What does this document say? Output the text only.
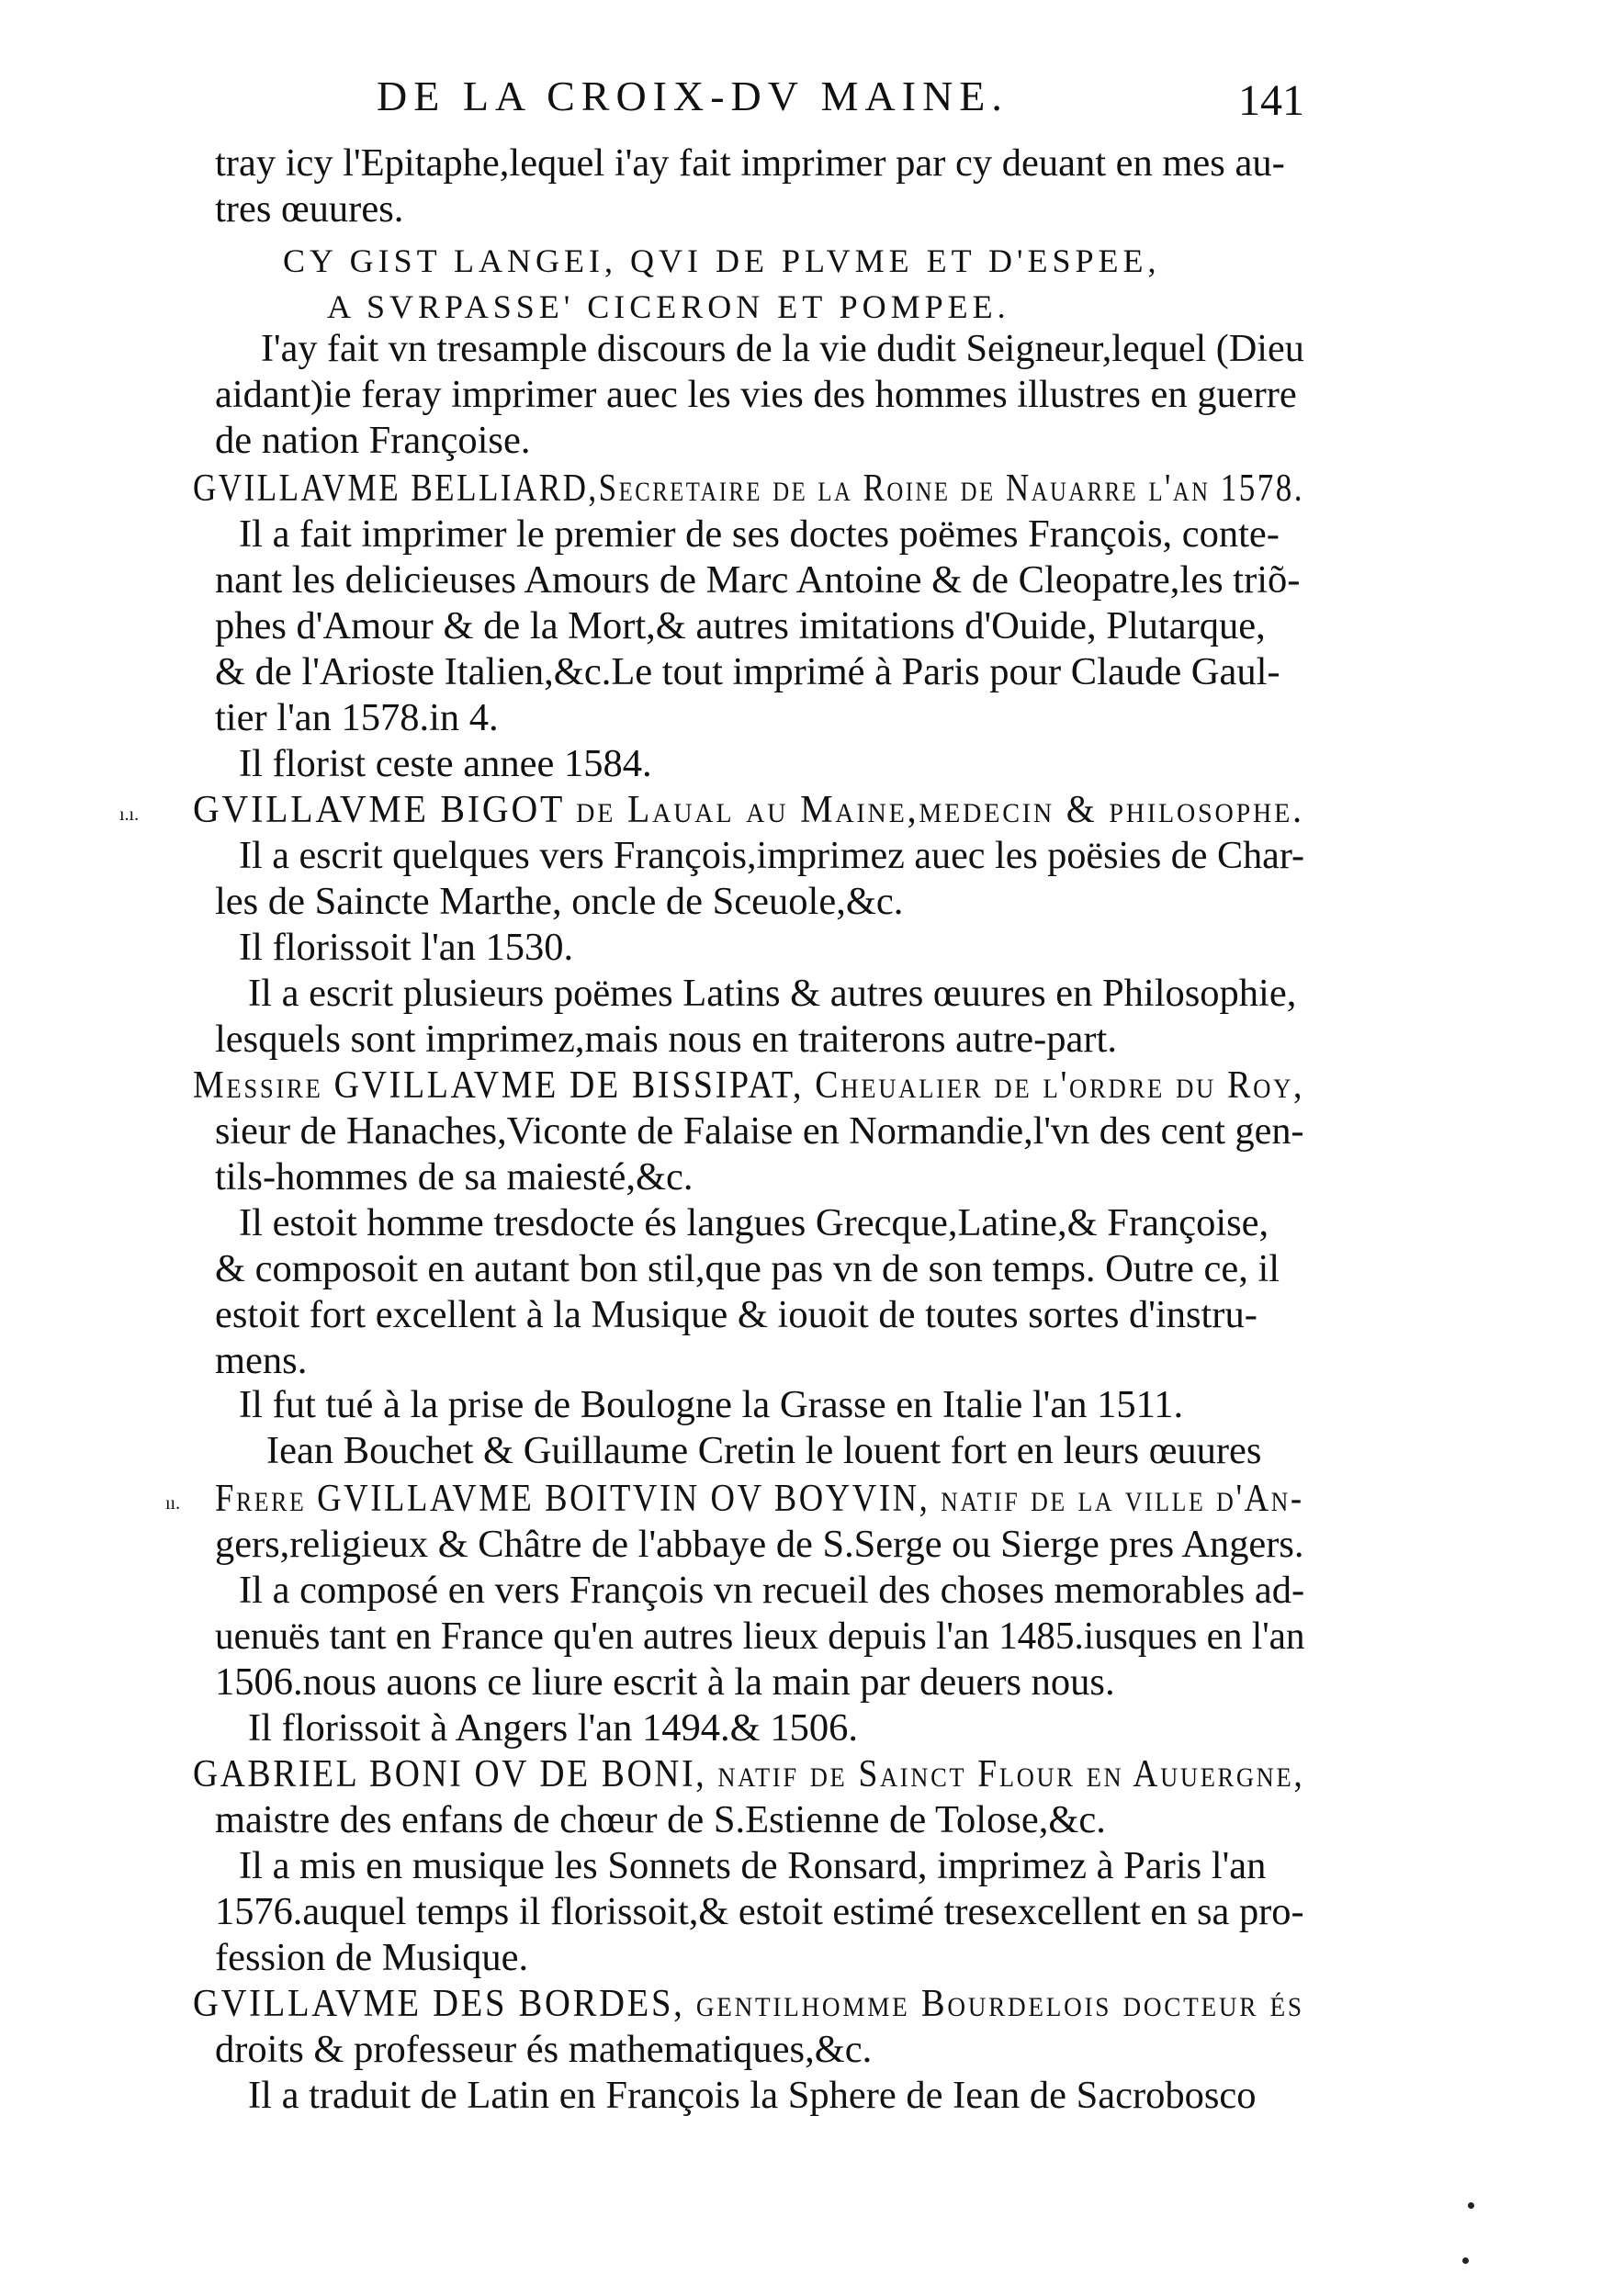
DE LA CROIX-DV MAINE.	141
tray icy l'Epitaphe,lequel i'ay fait imprimer par cy deuant en mes au-
tres œuures.
CY GIST LANGEI, QVI DE PLVME ET D'ESPEE,
A SVRPASSE' CICERON ET POMPEE.
I'ay fait vn tresample discours de la vie dudit Seigneur,lequel (Dieu
aidant)ie feray imprimer auec les vies des hommes illustres en guerre
de nation Françoise.
GVILLAVME BELLIARD,Secretaire de la Roine de Nauarre l'an 1578.
Il a fait imprimer le premier de ses doctes poëmes François, conte-
nant les delicieuses Amours de Marc Antoine & de Cleopatre,les triõ-
phes d'Amour & de la Mort,& autres imitations d'Ouide, Plutarque,
& de l'Arioste Italien,&c.Le tout imprimé à Paris pour Claude Gaul-
tier l'an 1578.in 4.
Il florist ceste annee 1584.
GVILLAVME BIGOT de Laual au Maine,medecin & philosophe.
Il a escrit quelques vers François,imprimez auec les poësies de Char-
les de Saincte Marthe, oncle de Sceuole,&c.
Il florissoit l'an 1530.
Il a escrit plusieurs poëmes Latins & autres œuures en Philosophie,
lesquels sont imprimez,mais nous en traiterons autre-part.
Messire GVILLAVME DE BISSIPAT, Cheualier de l'ordre du Roy,
sieur de Hanaches,Viconte de Falaise en Normandie,l'vn des cent gen-
tils-hommes de sa maiesté,&c.
Il estoit homme tresdocte és langues Grecque,Latine,& Françoise,
& composoit en autant bon stil,que pas vn de son temps. Outre ce, il
estoit fort excellent à la Musique & iouoit de toutes sortes d'instru-
mens.
Il fut tué à la prise de Boulogne la Grasse en Italie l'an 1511.
Iean Bouchet & Guillaume Cretin le louent fort en leurs œuures
Frere GVILLAVME BOITVIN OV BOYVIN, natif de la ville d'An-
gers,religieux & Châtre de l'abbaye de S.Serge ou Sierge pres Angers.
Il a composé en vers François vn recueil des choses memorables ad-
uenuës tant en France qu'en autres lieux depuis l'an 1485.iusques en l'an
1506.nous auons ce liure escrit à la main par deuers nous.
Il florissoit à Angers l'an 1494.& 1506.
GABRIEL BONI OV DE BONI, natif de Sainct Flour en Auuergne,
maistre des enfans de chœur de S.Estienne de Tolose,&c.
Il a mis en musique les Sonnets de Ronsard, imprimez à Paris l'an
1576.auquel temps il florissoit,& estoit estimé tresexcellent en sa pro-
fession de Musique.
GVILLAVME DES BORDES, gentilhomme Bourdelois docteur és
droits & professeur és mathematiques,&c.
Il a traduit de Latin en François la Sphere de Iean de Sacrobosco
ı.ı.
ıı.
